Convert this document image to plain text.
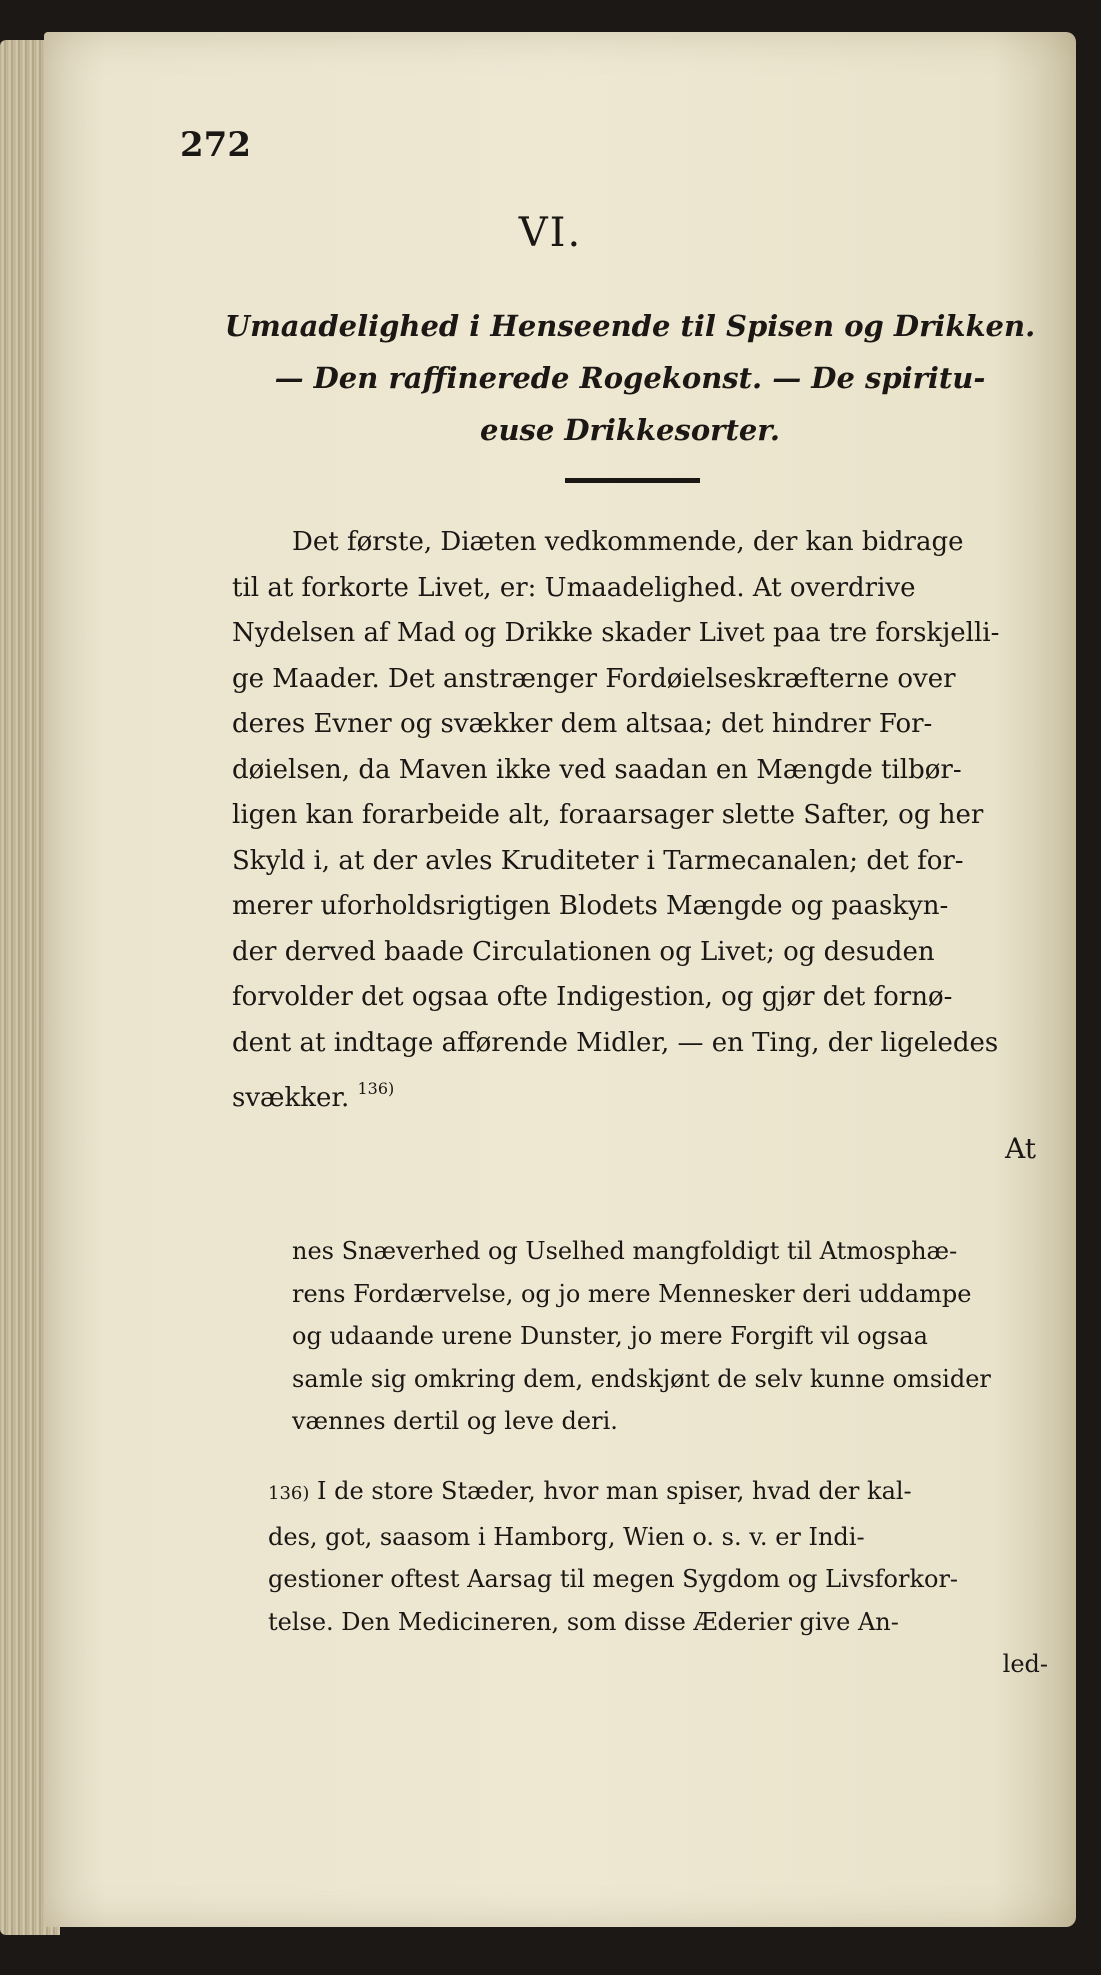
272
VI.
Umaadelighed i Henseende til Spisen og Drikken.
— Den raffinerede Rogekonst. — De spiritu-
euse Drikkesorter.

Det første, Diæten vedkommende, der kan bidrage

til at forkorte Livet, er: Umaadelighed. At overdrive

Nydelsen af Mad og Drikke skader Livet paa tre forskjelli-

ge Maader. Det anstrænger Fordøielseskræfterne over

deres Evner og svækker dem altsaa; det hindrer For-

døielsen, da Maven ikke ved saadan en Mængde tilbør-

ligen kan forarbeide alt, foraarsager slette Safter, og her

Skyld i, at der avles Kruditeter i Tarmecanalen; det for-

merer uforholdsrigtigen Blodets Mængde og paaskyn-

der derved baade Circulationen og Livet; og desuden

forvolder det ogsaa ofte Indigestion, og gjør det fornø-

dent at indtage afførende Midler, — en Ting, der ligeledes

svækker. $^{136)}$

At

nes Snæverhed og Uselhed mangfoldigt til Atmosphæ-

rens Fordærvelse, og jo mere Mennesker deri uddampe

og udaande urene Dunster, jo mere Forgift vil ogsaa

samle sig omkring dem, endskjønt de selv kunne omsider

vænnes dertil og leve deri.

136) I de store Stæder, hvor man spiser, hvad der kal-

des, got, saasom i Hamborg, Wien o. s. v. er Indi-

gestioner oftest Aarsag til megen Sygdom og Livsforkor-

telse. Den Medicineren, som disse Æderier give An-

led-
